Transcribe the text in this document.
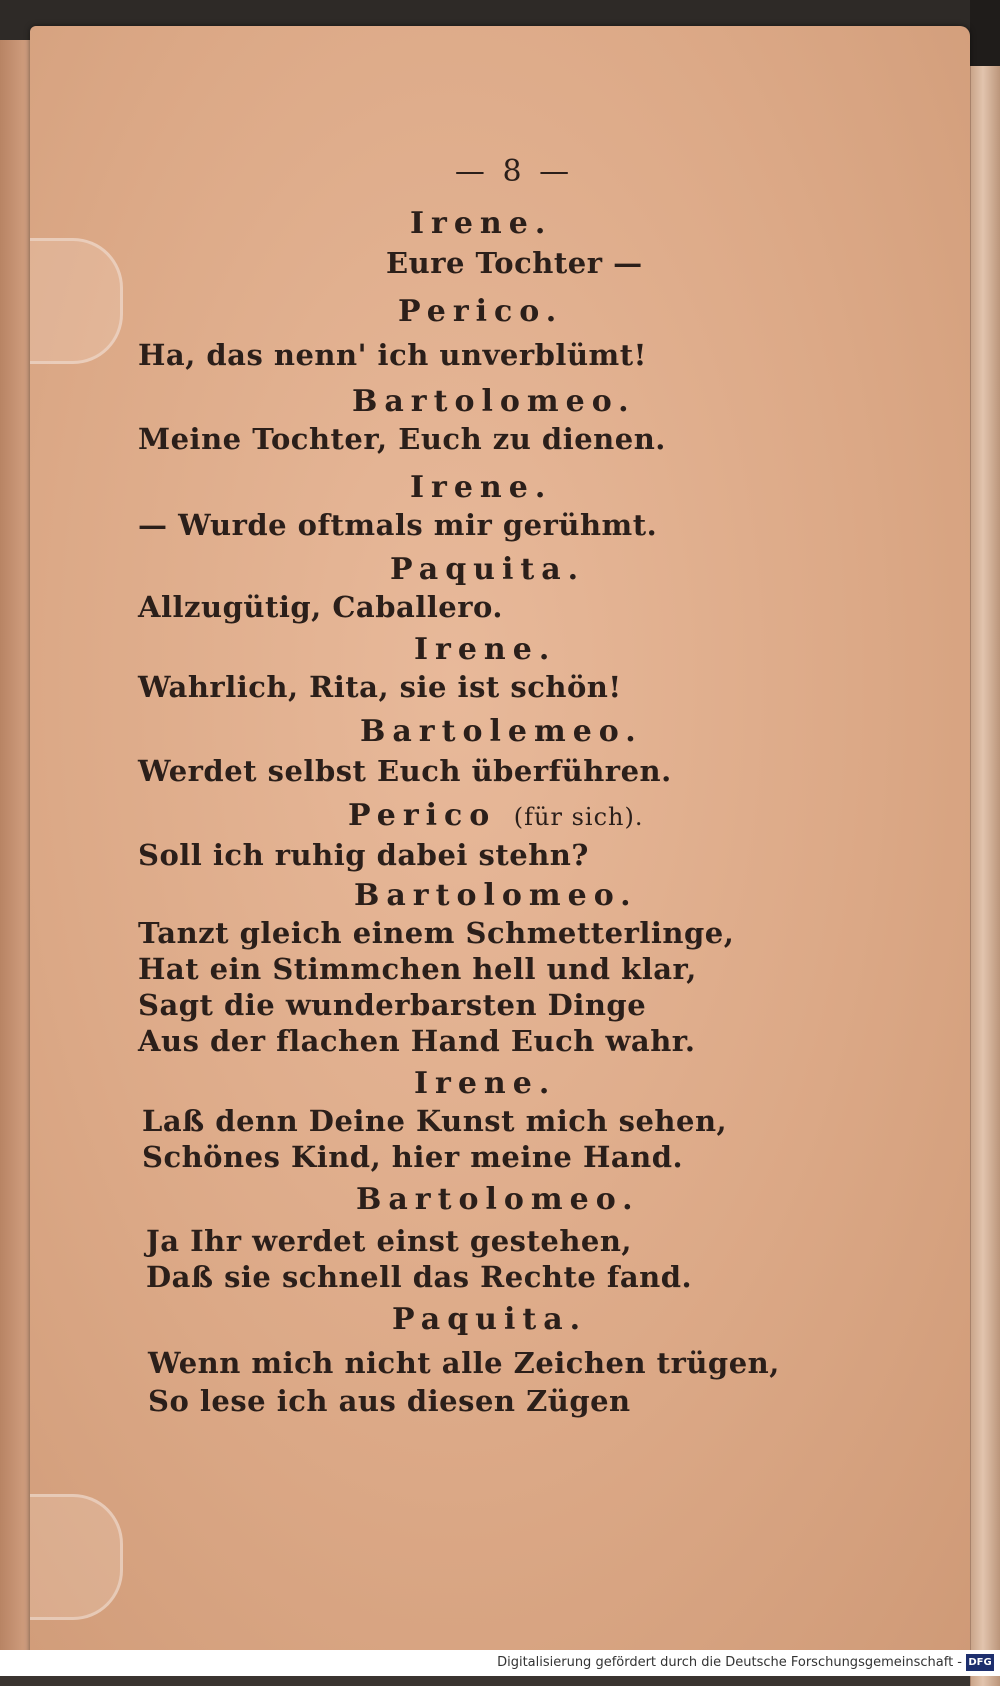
— 8 —
Irene.
Eure Tochter —
Perico.
Ha, das nenn' ich unverblümt!
Bartolomeo.
Meine Tochter, Euch zu dienen.
Irene.
— Wurde oftmals mir gerühmt.
Paquita.
Allzugütig, Caballero.
Irene.
Wahrlich, Rita, sie ist schön!
Bartolemeo.
Werdet selbst Euch überführen.
Perico (für sich).
Soll ich ruhig dabei stehn?
Bartolomeo.
Tanzt gleich einem Schmetterlinge,
Hat ein Stimmchen hell und klar,
Sagt die wunderbarsten Dinge
Aus der flachen Hand Euch wahr.
Irene.
Laß denn Deine Kunst mich sehen,
Schönes Kind, hier meine Hand.
Bartolomeo.
Ja Ihr werdet einst gestehen,
Daß sie schnell das Rechte fand.
Paquita.
Wenn mich nicht alle Zeichen trügen,
So lese ich aus diesen Zügen
Digitalisierung gefördert durch die Deutsche Forschungsgemeinschaft - DFG
